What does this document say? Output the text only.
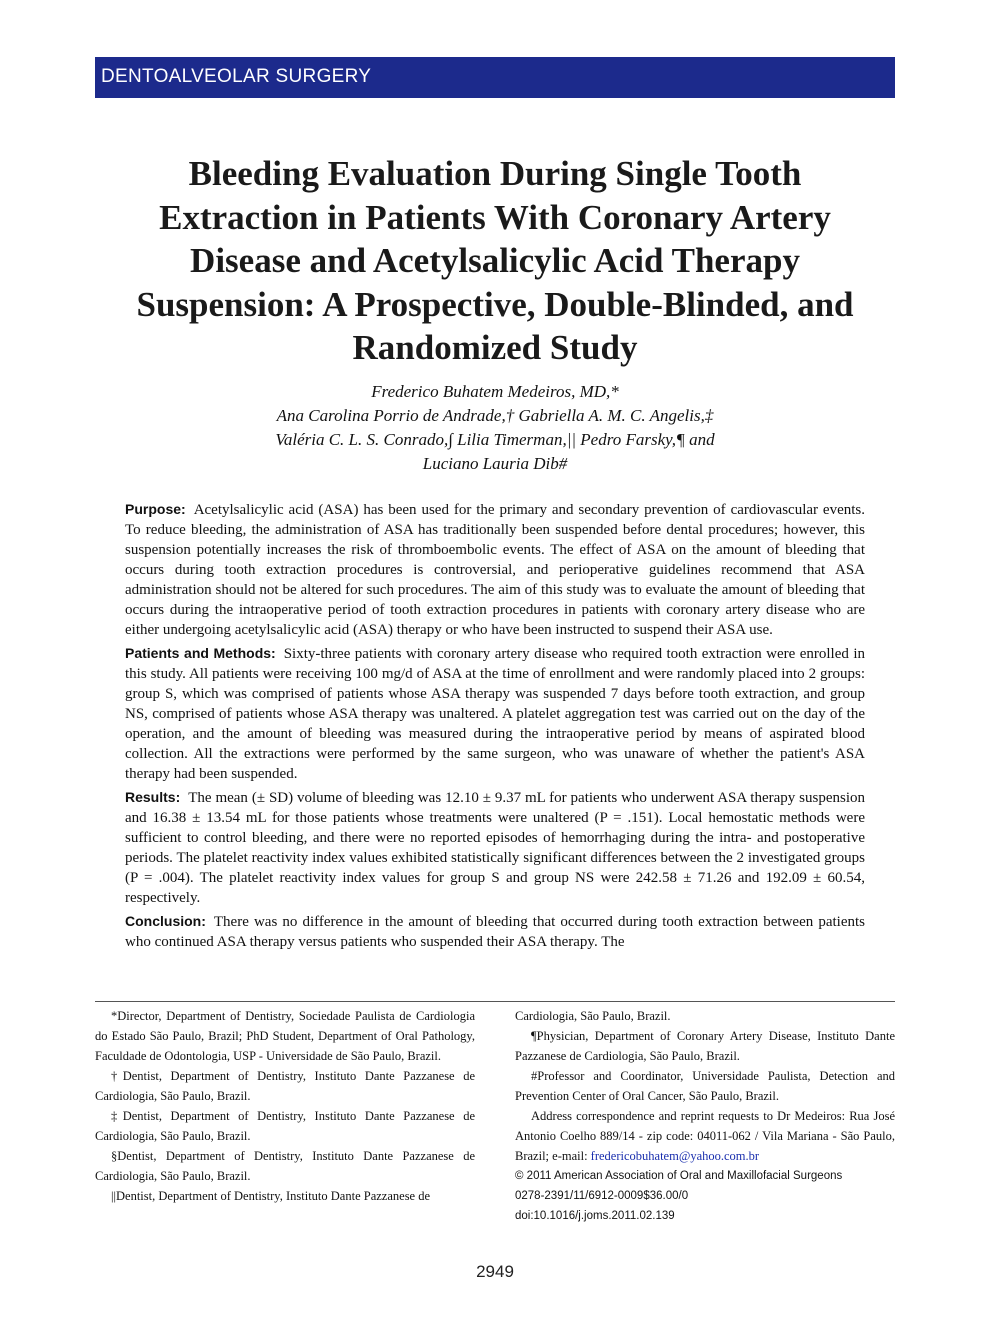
DENTOALVEOLAR SURGERY
Bleeding Evaluation During Single Tooth Extraction in Patients With Coronary Artery Disease and Acetylsalicylic Acid Therapy Suspension: A Prospective, Double-Blinded, and Randomized Study
Frederico Buhatem Medeiros, MD,*
Ana Carolina Porrio de Andrade,† Gabriella A. M. C. Angelis,‡
Valéria C. L. S. Conrado,∫ Lilia Timerman,|| Pedro Farsky,¶ and
Luciano Lauria Dib#

Purpose: Acetylsalicylic acid (ASA) has been used for the primary and secondary prevention of cardiovascular events. To reduce bleeding, the administration of ASA has traditionally been suspended before dental procedures; however, this suspension potentially increases the risk of thromboembolic events. The effect of ASA on the amount of bleeding that occurs during tooth extraction procedures is controversial, and perioperative guidelines recommend that ASA administration should not be altered for such procedures. The aim of this study was to evaluate the amount of bleeding that occurs during the intraoperative period of tooth extraction procedures in patients with coronary artery disease who are either undergoing acetylsalicylic acid (ASA) therapy or who have been instructed to suspend their ASA use.

Patients and Methods: Sixty-three patients with coronary artery disease who required tooth extraction were enrolled in this study. All patients were receiving 100 mg/d of ASA at the time of enrollment and were randomly placed into 2 groups: group S, which was comprised of patients whose ASA therapy was suspended 7 days before tooth extraction, and group NS, comprised of patients whose ASA therapy was unaltered. A platelet aggregation test was carried out on the day of the operation, and the amount of bleeding was measured during the intraoperative period by means of aspirated blood collection. All the extractions were performed by the same surgeon, who was unaware of whether the patient's ASA therapy had been suspended.

Results: The mean (± SD) volume of bleeding was 12.10 ± 9.37 mL for patients who underwent ASA therapy suspension and 16.38 ± 13.54 mL for those patients whose treatments were unaltered (P = .151). Local hemostatic methods were sufficient to control bleeding, and there were no reported episodes of hemorrhaging during the intra- and postoperative periods. The platelet reactivity index values exhibited statistically significant differences between the 2 investigated groups (P = .004). The platelet reactivity index values for group S and group NS were 242.58 ± 71.26 and 192.09 ± 60.54, respectively.

Conclusion: There was no difference in the amount of bleeding that occurred during tooth extraction between patients who continued ASA therapy versus patients who suspended their ASA therapy. The

*Director, Department of Dentistry, Sociedade Paulista de Cardiologia do Estado São Paulo, Brazil; PhD Student, Department of Oral Pathology, Faculdade de Odontologia, USP - Universidade de São Paulo, Brazil.

†Dentist, Department of Dentistry, Instituto Dante Pazzanese de Cardiologia, São Paulo, Brazil.

‡Dentist, Department of Dentistry, Instituto Dante Pazzanese de Cardiologia, São Paulo, Brazil.

§Dentist, Department of Dentistry, Instituto Dante Pazzanese de Cardiologia, São Paulo, Brazil.

||Dentist, Department of Dentistry, Instituto Dante Pazzanese de

Cardiologia, São Paulo, Brazil.

¶Physician, Department of Coronary Artery Disease, Instituto Dante Pazzanese de Cardiologia, São Paulo, Brazil.

#Professor and Coordinator, Universidade Paulista, Detection and Prevention Center of Oral Cancer, São Paulo, Brazil.

Address correspondence and reprint requests to Dr Medeiros: Rua José Antonio Coelho 889/14 - zip code: 04011-062 / Vila Mariana - São Paulo, Brazil; e-mail: fredericobuhatem@yahoo.com.br

© 2011 American Association of Oral and Maxillofacial Surgeons

0278-2391/11/6912-0009$36.00/0

doi:10.1016/j.joms.2011.02.139

2949
